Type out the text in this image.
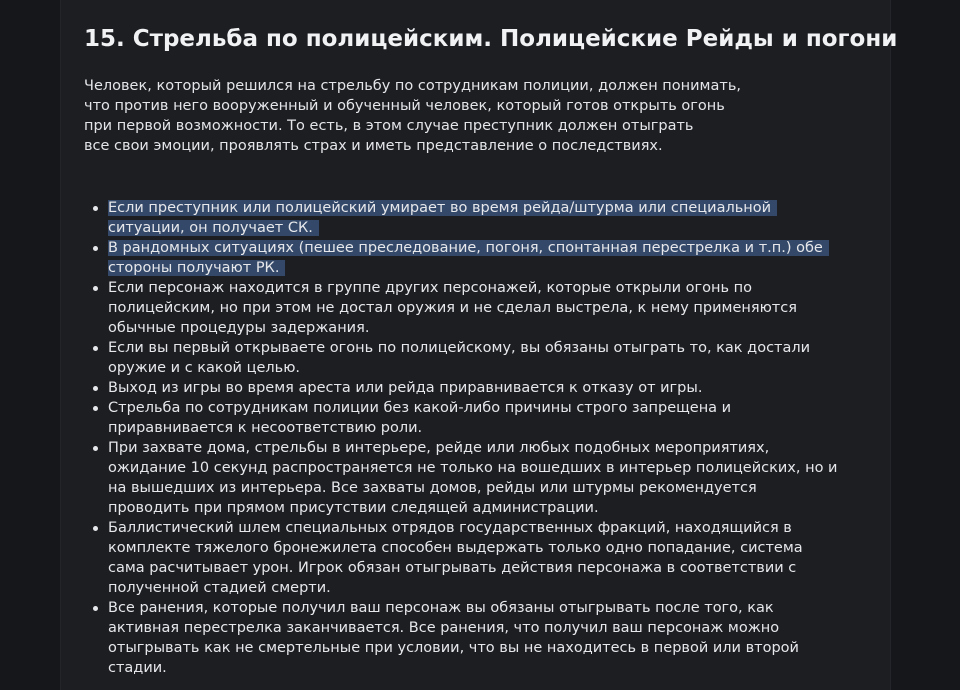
15. Стрельба по полицейским. Полицейские Рейды и погони
Человек, который решился на стрельбу по сотрудникам полиции, должен понимать,
что против него вооруженный и обученный человек, который готов открыть огонь
при первой возможности. То есть, в этом случае преступник должен отыграть
все свои эмоции, проявлять страх и иметь представление о последствиях.
Если преступник или полицейский умирает во время рейда/штурма или специальной
ситуации, он получает СК.
В рандомных ситуациях (пешее преследование, погоня, спонтанная перестрелка и т.п.) обе
стороны получают РК.
Если персонаж находится в группе других персонажей, которые открыли огонь по
полицейским, но при этом не достал оружия и не сделал выстрела, к нему применяются
обычные процедуры задержания.
Если вы первый открываете огонь по полицейскому, вы обязаны отыграть то, как достали
оружие и с какой целью.
Выход из игры во время ареста или рейда приравнивается к отказу от игры.
Стрельба по сотрудникам полиции без какой-либо причины строго запрещена и
приравнивается к несоответствию роли.
При захвате дома, стрельбы в интерьере, рейде или любых подобных мероприятиях,
ожидание 10 секунд распространяется не только на вошедших в интерьер полицейских, но и
на вышедших из интерьера. Все захваты домов, рейды или штурмы рекомендуется
проводить при прямом присутствии следящей администрации.
Баллистический шлем специальных отрядов государственных фракций, находящийся в
комплекте тяжелого бронежилета способен выдержать только одно попадание, система
сама расчитывает урон. Игрок обязан отыгрывать действия персонажа в соответствии с
полученной стадией смерти.
Все ранения, которые получил ваш персонаж вы обязаны отыгрывать после того, как
активная перестрелка заканчивается. Все ранения, что получил ваш персонаж можно
отыгрывать как не смертельные при условии, что вы не находитесь в первой или второй
стадии.
